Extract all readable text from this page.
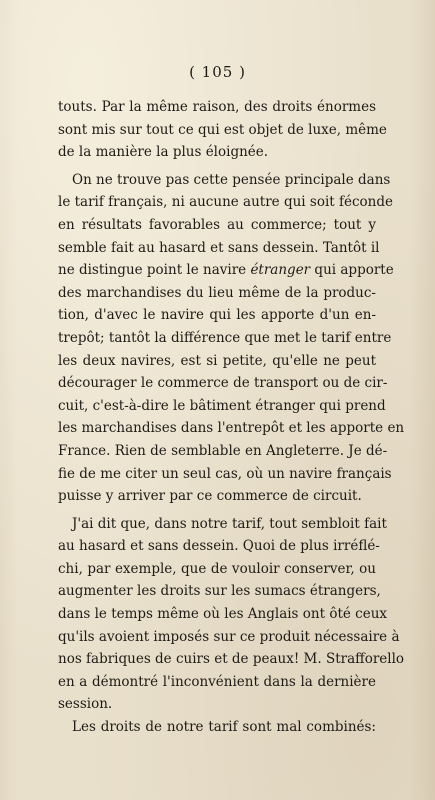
( 105 )
touts. Par la même raison, des droits énormes
sont mis sur tout ce qui est objet de luxe, même
de la manière la plus éloignée.
On ne trouve pas cette pensée principale dans
le tarif français, ni aucune autre qui soit féconde
en résultats favorables au commerce; tout y
semble fait au hasard et sans dessein. Tantôt il
ne distingue point le navire étranger qui apporte
des marchandises du lieu même de la produc-
tion, d'avec le navire qui les apporte d'un en-
trepôt; tantôt la différence que met le tarif entre
les deux navires, est si petite, qu'elle ne peut
décourager le commerce de transport ou de cir-
cuit, c'est-à-dire le bâtiment étranger qui prend
les marchandises dans l'entrepôt et les apporte en
France. Rien de semblable en Angleterre. Je dé-
fie de me citer un seul cas, où un navire français
puisse y arriver par ce commerce de circuit.
J'ai dit que, dans notre tarif, tout sembloit fait
au hasard et sans dessein. Quoi de plus irréflé-
chi, par exemple, que de vouloir conserver, ou
augmenter les droits sur les sumacs étrangers,
dans le temps même où les Anglais ont ôté ceux
qu'ils avoient imposés sur ce produit nécessaire à
nos fabriques de cuirs et de peaux! M. Strafforello
en a démontré l'inconvénient dans la dernière
session.
Les droits de notre tarif sont mal combinés:
